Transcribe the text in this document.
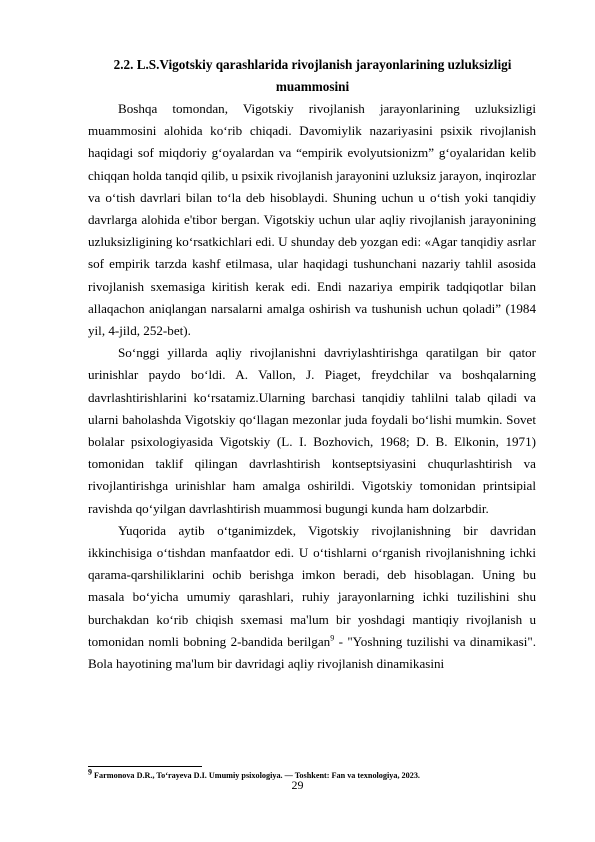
2.2. L.S.Vigotskiy qarashlarida rivojlanish jarayonlarining uzluksizligi
muammosini

Boshqa tomondan, Vigotskiy rivojlanish jarayonlarining uzluksizligi muammosini alohida ko‘rib chiqadi. Davomiylik nazariyasini psixik rivojlanish haqidagi sof miqdoriy g‘oyalardan va “empirik evolyutsionizm” g‘oyalaridan kelib chiqqan holda tanqid qilib, u psixik rivojlanish jarayonini uzluksiz jarayon, inqirozlar va o‘tish davrlari bilan to‘la deb hisoblaydi. Shuning uchun u o‘tish yoki tanqidiy davrlarga alohida e'tibor bergan. Vigotskiy uchun ular aqliy rivojlanish jarayonining uzluksizligining ko‘rsatkichlari edi. U shunday deb yozgan edi: «Agar tanqidiy asrlar sof empirik tarzda kashf etilmasa, ular haqidagi tushunchani nazariy tahlil asosida rivojlanish sxemasiga kiritish kerak edi. Endi nazariya empirik tadqiqotlar bilan allaqachon aniqlangan narsalarni amalga oshirish va tushunish uchun qoladi” (1984 yil, 4-jild, 252-bet).

So‘nggi yillarda aqliy rivojlanishni davriylashtirishga qaratilgan bir qator urinishlar paydo bo‘ldi. A. Vallon, J. Piaget, freydchilar va boshqalarning davrlashtirishlarini ko‘rsatamiz.Ularning barchasi tanqidiy tahlilni talab qiladi va ularni baholashda Vigotskiy qo‘llagan mezonlar juda foydali bo‘lishi mumkin. Sovet bolalar psixologiyasida Vigotskiy (L. I. Bozhovich, 1968; D. B. Elkonin, 1971) tomonidan taklif qilingan davrlashtirish kontseptsiyasini chuqurlashtirish va rivojlantirishga urinishlar ham amalga oshirildi. Vigotskiy tomonidan printsipial ravishda qo‘yilgan davrlashtirish muammosi bugungi kunda ham dolzarbdir.

Yuqorida aytib o‘tganimizdek, Vigotskiy rivojlanishning bir davridan ikkinchisiga o‘tishdan manfaatdor edi. U o‘tishlarni o‘rganish rivojlanishning ichki qarama-qarshiliklarini ochib berishga imkon beradi, deb hisoblagan. Uning bu masala bo‘yicha umumiy qarashlari, ruhiy jarayonlarning ichki tuzilishini shu burchakdan ko‘rib chiqish sxemasi ma'lum bir yoshdagi mantiqiy rivojlanish u tomonidan nomli bobning 2-bandida berilgan$^9$ - "Yoshning tuzilishi va dinamikasi". Bola hayotining ma'lum bir davridagi aqliy rivojlanish dinamikasini

$^9$ Farmonova D.R., To‘rayeva D.I. Umumiy psixologiya. — Toshkent: Fan va texnologiya, 2023.
29
